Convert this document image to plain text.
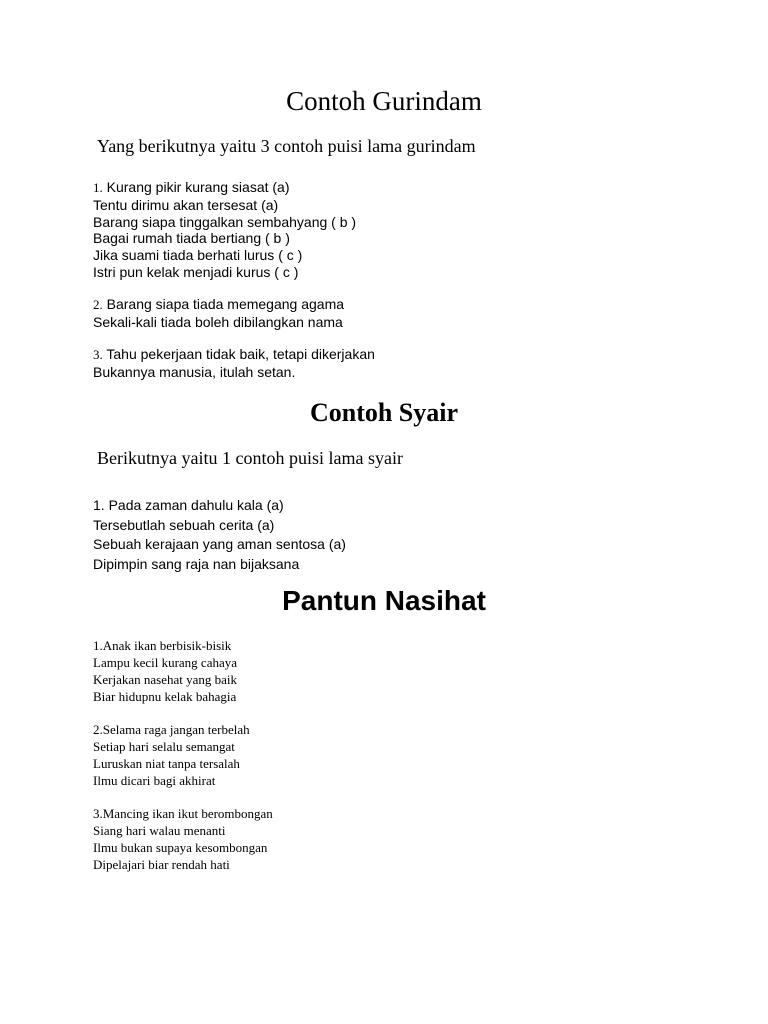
Contoh Gurindam

Yang berikutnya yaitu 3 contoh puisi lama gurindam

1. Kurang pikir kurang siasat (a)
Tentu dirimu akan tersesat (a)
Barang siapa tinggalkan sembahyang ( b )
Bagai rumah tiada bertiang ( b )
Jika suami tiada berhati lurus ( c )
Istri pun kelak menjadi kurus ( c )
2. Barang siapa tiada memegang agama
Sekali-kali tiada boleh dibilangkan nama
3. Tahu pekerjaan tidak baik, tetapi dikerjakan
Bukannya manusia, itulah setan.
Contoh Syair

Berikutnya yaitu 1 contoh puisi lama syair

1. Pada zaman dahulu kala (a)
Tersebutlah sebuah cerita (a)
Sebuah kerajaan yang aman sentosa (a)
Dipimpin sang raja nan bijaksana
Pantun Nasihat
1.Anak ikan berbisik-bisik
Lampu kecil kurang cahaya
Kerjakan nasehat yang baik
Biar hidupnu kelak bahagia
2.Selama raga jangan terbelah
Setiap hari selalu semangat
Luruskan niat tanpa tersalah
Ilmu dicari bagi akhirat
3.Mancing ikan ikut berombongan
Siang hari walau menanti
Ilmu bukan supaya kesombongan
Dipelajari biar rendah hati
